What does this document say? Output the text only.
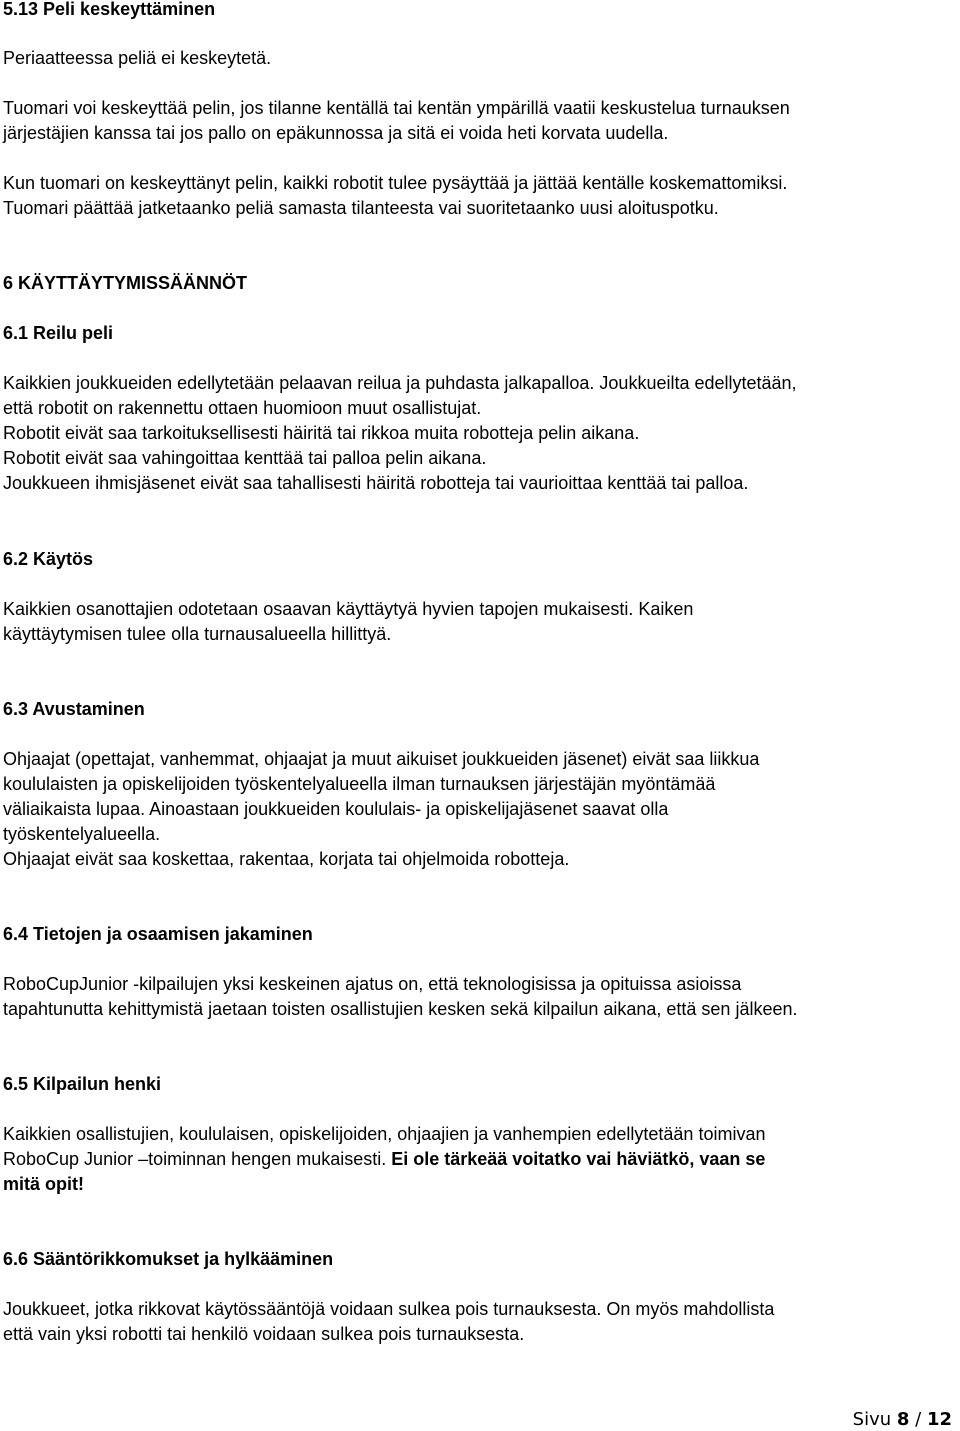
5.13 Peli keskeyttäminen
Periaatteessa peliä ei keskeytetä.
Tuomari voi keskeyttää pelin, jos tilanne kentällä tai kentän ympärillä vaatii keskustelua turnauksen
järjestäjien kanssa tai jos pallo on epäkunnossa ja sitä ei voida heti korvata uudella.
Kun tuomari on keskeyttänyt pelin, kaikki robotit tulee pysäyttää ja jättää kentälle koskemattomiksi.
Tuomari päättää jatketaanko peliä samasta tilanteesta vai suoritetaanko uusi aloituspotku.
6 KÄYTTÄYTYMISSÄÄNNÖT
6.1 Reilu peli
Kaikkien joukkueiden edellytetään pelaavan reilua ja puhdasta jalkapalloa. Joukkueilta edellytetään,
että robotit on rakennettu ottaen huomioon muut osallistujat.
Robotit eivät saa tarkoituksellisesti häiritä tai rikkoa muita robotteja pelin aikana.
Robotit eivät saa vahingoittaa kenttää tai palloa pelin aikana.
Joukkueen ihmisjäsenet eivät saa tahallisesti häiritä robotteja tai vaurioittaa kenttää tai palloa.
6.2 Käytös
Kaikkien osanottajien odotetaan osaavan käyttäytyä hyvien tapojen mukaisesti. Kaiken
käyttäytymisen tulee olla turnausalueella hillittyä.
6.3 Avustaminen
Ohjaajat (opettajat, vanhemmat, ohjaajat ja muut aikuiset joukkueiden jäsenet) eivät saa liikkua
koululaisten ja opiskelijoiden työskentelyalueella ilman turnauksen järjestäjän myöntämää
väliaikaista lupaa. Ainoastaan joukkueiden koululais- ja opiskelijajäsenet saavat olla
työskentelyalueella.
Ohjaajat eivät saa koskettaa, rakentaa, korjata tai ohjelmoida robotteja.
6.4 Tietojen ja osaamisen jakaminen
RoboCupJunior -kilpailujen yksi keskeinen ajatus on, että teknologisissa ja opituissa asioissa
tapahtunutta kehittymistä jaetaan toisten osallistujien kesken sekä kilpailun aikana, että sen jälkeen.
6.5 Kilpailun henki
Kaikkien osallistujien, koululaisen, opiskelijoiden, ohjaajien ja vanhempien edellytetään toimivan
RoboCup Junior –toiminnan hengen mukaisesti. Ei ole tärkeää voitatko vai häviätkö, vaan se
mitä opit!
6.6 Sääntörikkomukset ja hylkääminen
Joukkueet, jotka rikkovat käytössääntöjä voidaan sulkea pois turnauksesta. On myös mahdollista
että vain yksi robotti tai henkilö voidaan sulkea pois turnauksesta.
Sivu 8 / 12
